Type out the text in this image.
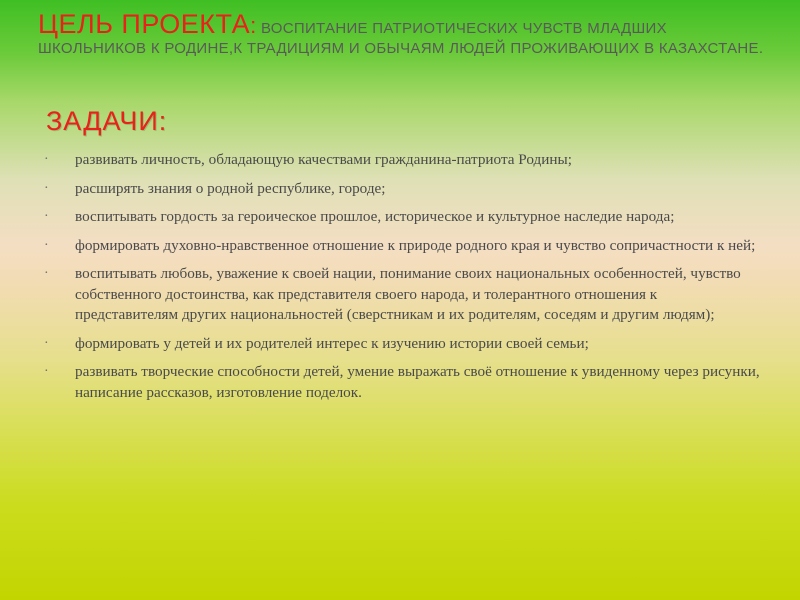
ЦЕЛЬ ПРОЕКТА: ВОСПИТАНИЕ ПАТРИОТИЧЕСКИХ ЧУВСТВ МЛАДШИХ ШКОЛЬНИКОВ К РОДИНЕ,К ТРАДИЦИЯМ И ОБЫЧАЯМ ЛЮДЕЙ ПРОЖИВАЮЩИХ В КАЗАХСТАНЕ.
ЗАДАЧИ:
· развивать личность, обладающую качествами гражданина-патриота Родины;
· расширять знания о родной республике, городе;
· воспитывать гордость за героическое прошлое, историческое и культурное наследие народа;
· формировать духовно-нравственное отношение к природе родного края и чувство сопричастности к ней;
· воспитывать любовь, уважение к своей нации, понимание своих национальных особенностей, чувство собственного достоинства, как представителя своего народа, и толерантного отношения к представителям других национальностей (сверстникам и их родителям, соседям и другим людям);
· формировать у детей и их родителей интерес к изучению истории своей семьи;
· развивать творческие способности детей, умение выражать своё отношение к увиденному через рисунки, написание рассказов, изготовление поделок.
